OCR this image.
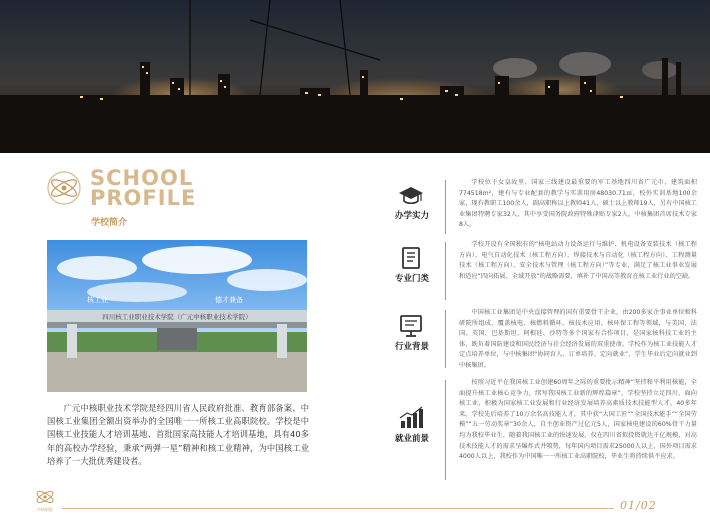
SCHOOL
PROFILE
学校简介
核工业	德才兼备
四川核工业职业技术学院（广元中核职业技术学院）

广元中核职业技术学院是经四川省人民政府批准、教育部备案、中国核工业集团全额出资举办的全国唯一一所核工业高职院校。学校是中国核工业技能人才培训基地、首批国家高技能人才培训基地，具有40多年的高校办学经验，秉承“两弹一星”精神和核工业精神，为中国核工业培养了一大批优秀建设者。

办学实力

学校位于女皇故里、国家三线建设最重要的军工基地四川省广元市，建筑面积774518m²，建有与专业配套的教学与实训用房48030.71㎡，校外实训基地100余家，现有教职工100余人，副高职称以上教师41人，硕士以上教师19人，另有中国核工业集团特聘专家32人，其中享受国务院政府特殊津贴专家2人，中核集团首席技术专家8人。

专业门类

学校开设有全国独有的“核电站动力设备运行与维护、机电设备安装技术（核工程方向）、电气自动化技术（核工程方向）、焊接技术与自动化（核工程方向）、工程测量技术（核工程方向）、安全技术与管理（核工程方向）”等专业，满足了核工业事业发展和适应“四向拓展、全域开放”的战略需要，填补了中国高等教育在核工业行业的空缺。

行业背景

中国核工业集团是中央直接管理的国有重要骨干企业，由200多家企事业单位和科研院所组成，覆盖核电、核燃料循环、核技术应用、核环保工程等领域，与美国、法国、英国、巴基斯坦、阿根廷、沙特等多个国家有合作项目，是国家核科技工业的主体，既负着国防建设和国民经济与社会经济发展的双重使命。学校作为核工业技能人才定点培养单位，与中核集团“协同育人、订单培养、定向就业”，学生毕业后定向就业到中核集团。

就业前景

按照习近平在我国核工业创建60周年之际的重要批示精神“坚持和平利用核能，全面提升核工业核心竞争力，续写我国核工业新的辉煌篇章”，学校坚持立足四川，面向核工业，积极为国家核工业发展和行业经济发展培养高素质技术技能型人才，40多年来，学校先后培养了10万余名高技能人才，其中获“大国工匠”“全国技术能手”“全国劳模”“五一劳动奖章”30余人，自主创业资产过亿元5人，国家核电建设的60%骨干力量均为我校毕业生，随着我国核工业的快速发展，仅在四川省拟投资就达千亿规模，对高技术技能人才的需求呈爆炸式井喷势，每年国内项目需求25000人以上，国外项目需求4000人以上，我校作为中国唯一一所核工业高职院校，毕业生将持续供不应求。

中核职院	01/02
